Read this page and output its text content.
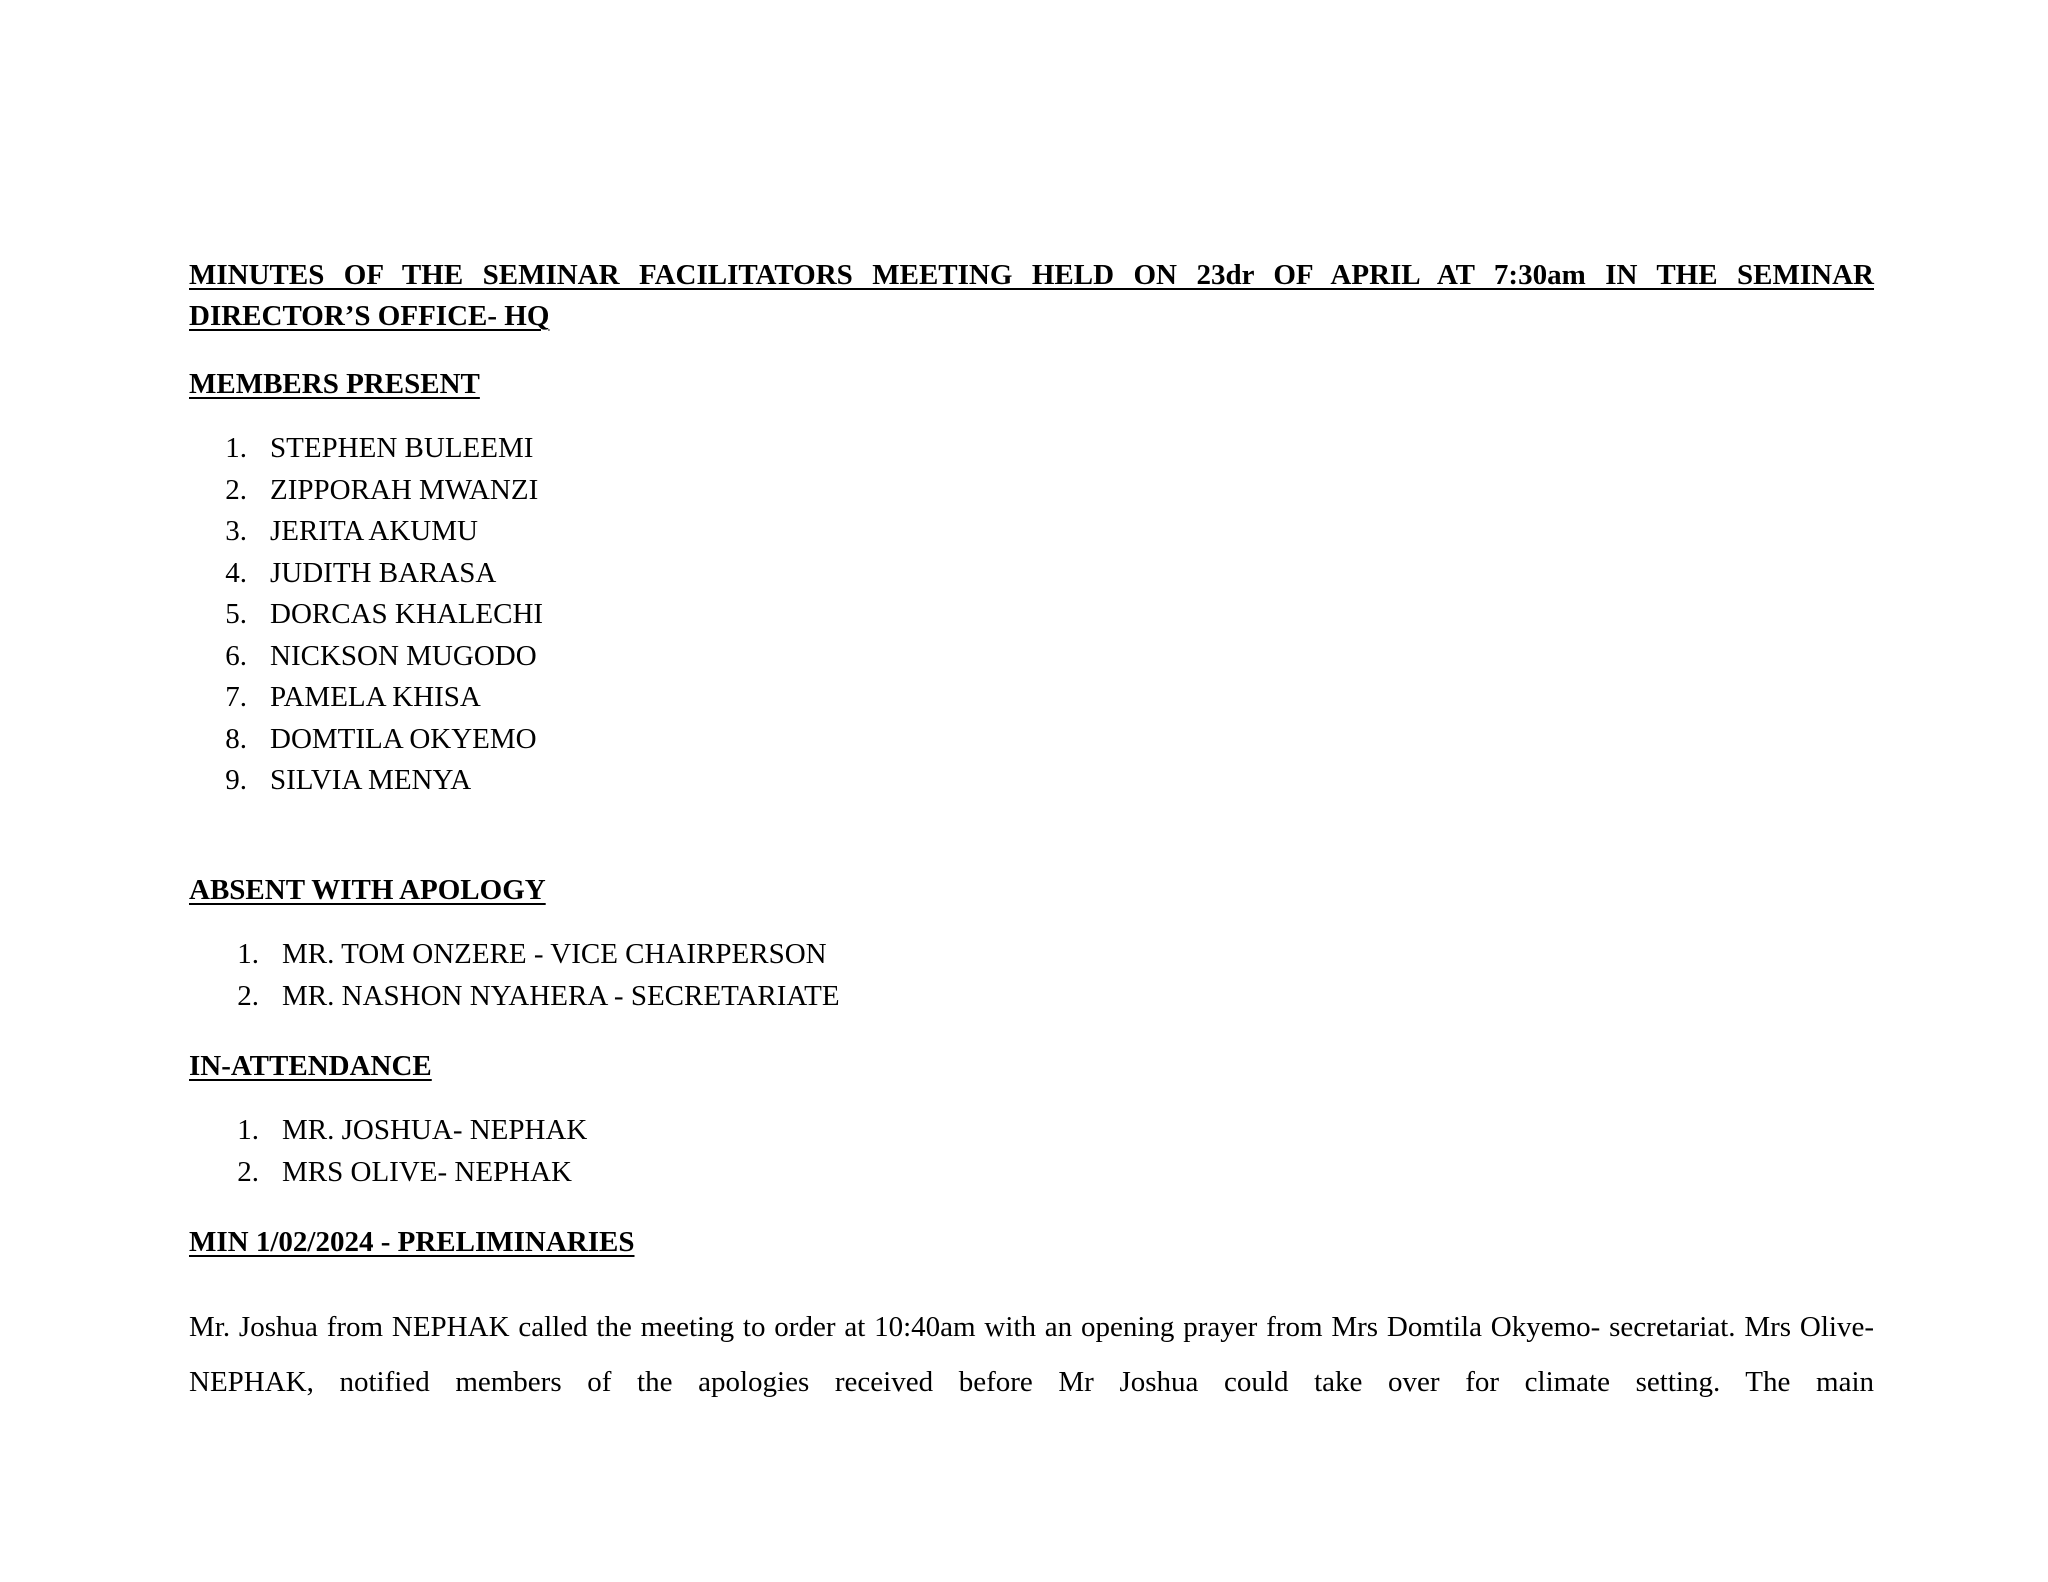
MINUTES OF THE SEMINAR FACILITATORS MEETING HELD ON 23dr OF APRIL AT 7:30am IN THE SEMINAR DIRECTOR’S OFFICE- HQ

MEMBERS PRESENT

1. STEPHEN BULEEMI
2. ZIPPORAH MWANZI
3. JERITA AKUMU
4. JUDITH BARASA
5. DORCAS KHALECHI
6. NICKSON MUGODO
7. PAMELA KHISA
8. DOMTILA OKYEMO
9. SILVIA MENYA

ABSENT WITH APOLOGY

1. MR. TOM ONZERE - VICE CHAIRPERSON
2. MR. NASHON NYAHERA - SECRETARIATE

IN-ATTENDANCE

1. MR. JOSHUA- NEPHAK
2. MRS OLIVE- NEPHAK

MIN 1/02/2024 - PRELIMINARIES

Mr. Joshua from NEPHAK called the meeting to order at 10:40am with an opening prayer from Mrs Domtila Okyemo- secretariat. Mrs Olive- NEPHAK, notified members of the apologies received before Mr Joshua could take over for climate setting. The main
